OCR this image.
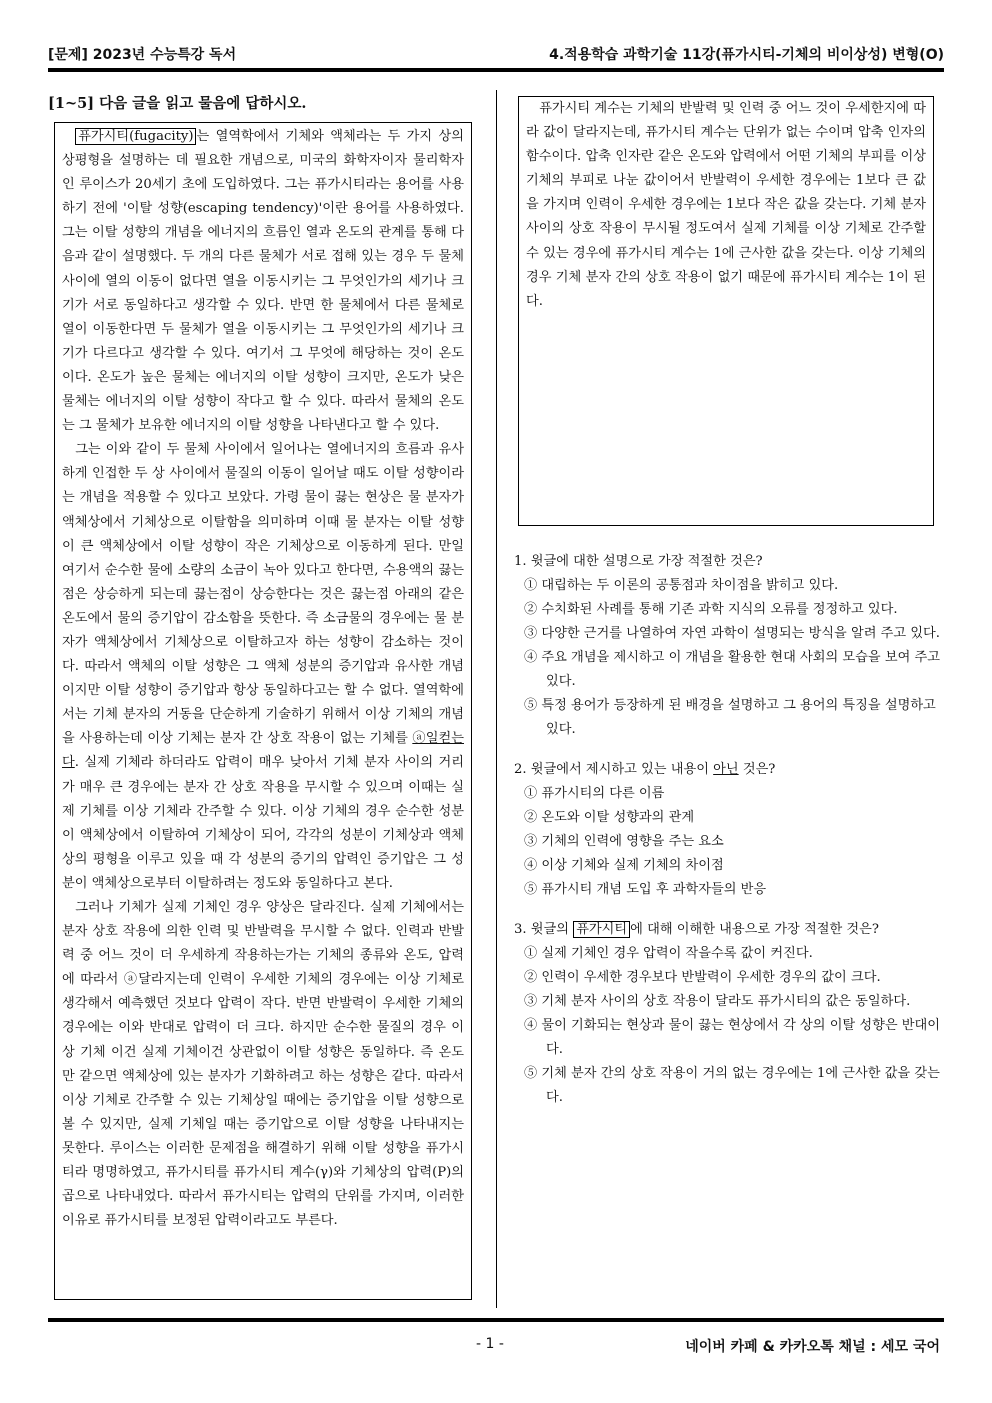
[문제] 2023년 수능특강 독서	4.적용학습 과학기술 11강(퓨가시티-기체의 비이상성) 변형(O)
[1~5] 다음 글을 읽고 물음에 답하시오.

퓨가시티(fugacity) 는 열역학에서 기체와 액체라는 두 가지 상의 상평형을 설명하는 데 필요한 개념으로, 미국의 화학자이자 물리학자인 루이스가 20세기 초에 도입하였다. 그는 퓨가시티라는 용어를 사용하기 전에 '이탈 성향(escaping tendency)'이란 용어를 사용하였다. 그는 이탈 성향의 개념을 에너지의 흐름인 열과 온도의 관계를 통해 다음과 같이 설명했다. 두 개의 다른 물체가 서로 접해 있는 경우 두 물체 사이에 열의 이동이 없다면 열을 이동시키는 그 무엇인가의 세기나 크기가 서로 동일하다고 생각할 수 있다. 반면 한 물체에서 다른 물체로 열이 이동한다면 두 물체가 열을 이동시키는 그 무엇인가의 세기나 크기가 다르다고 생각할 수 있다. 여기서 그 무엇에 해당하는 것이 온도이다. 온도가 높은 물체는 에너지의 이탈 성향이 크지만, 온도가 낮은 물체는 에너지의 이탈 성향이 작다고 할 수 있다. 따라서 물체의 온도는 그 물체가 보유한 에너지의 이탈 성향을 나타낸다고 할 수 있다.

그는 이와 같이 두 물체 사이에서 일어나는 열에너지의 흐름과 유사하게 인접한 두 상 사이에서 물질의 이동이 일어날 때도 이탈 성향이라는 개념을 적용할 수 있다고 보았다. 가령 물이 끓는 현상은 물 분자가 액체상에서 기체상으로 이탈함을 의미하며 이때 물 분자는 이탈 성향이 큰 액체상에서 이탈 성향이 작은 기체상으로 이동하게 된다. 만일 여기서 순수한 물에 소량의 소금이 녹아 있다고 한다면, 수용액의 끓는점은 상승하게 되는데 끓는점이 상승한다는 것은 끓는점 아래의 같은 온도에서 물의 증기압이 감소함을 뜻한다. 즉 소금물의 경우에는 물 분자가 액체상에서 기체상으로 이탈하고자 하는 성향이 감소하는 것이다. 따라서 액체의 이탈 성향은 그 액체 성분의 증기압과 유사한 개념이지만 이탈 성향이 증기압과 항상 동일하다고는 할 수 없다. 열역학에서는 기체 분자의 거동을 단순하게 기술하기 위해서 이상 기체의 개념을 사용하는데 이상 기체는 분자 간 상호 작용이 없는 기체를 ⓐ일컫는다. 실제 기체라 하더라도 압력이 매우 낮아서 기체 분자 사이의 거리가 매우 큰 경우에는 분자 간 상호 작용을 무시할 수 있으며 이때는 실제 기체를 이상 기체라 간주할 수 있다. 이상 기체의 경우 순수한 성분이 액체상에서 이탈하여 기체상이 되어, 각각의 성분이 기체상과 액체상의 평형을 이루고 있을 때 각 성분의 증기의 압력인 증기압은 그 성분이 액체상으로부터 이탈하려는 정도와 동일하다고 본다.

그러나 기체가 실제 기체인 경우 양상은 달라진다. 실제 기체에서는 분자 상호 작용에 의한 인력 및 반발력을 무시할 수 없다. 인력과 반발력 중 어느 것이 더 우세하게 작용하는가는 기체의 종류와 온도, 압력에 따라서 ⓐ달라지는데 인력이 우세한 기체의 경우에는 이상 기체로 생각해서 예측했던 것보다 압력이 작다. 반면 반발력이 우세한 기체의 경우에는 이와 반대로 압력이 더 크다. 하지만 순수한 물질의 경우 이상 기체 이건 실제 기체이건 상관없이 이탈 성향은 동일하다. 즉 온도만 같으면 액체상에 있는 분자가 기화하려고 하는 성향은 같다. 따라서 이상 기체로 간주할 수 있는 기체상일 때에는 증기압을 이탈 성향으로 볼 수 있지만, 실제 기체일 때는 증기압으로 이탈 성향을 나타내지는 못한다. 루이스는 이러한 문제점을 해결하기 위해 이탈 성향을 퓨가시티라 명명하였고, 퓨가시티를 퓨가시티 계수(γ)와 기체상의 압력(P)의 곱으로 나타내었다. 따라서 퓨가시티는 압력의 단위를 가지며, 이러한 이유로 퓨가시티를 보정된 압력이라고도 부른다.

퓨가시티 계수는 기체의 반발력 및 인력 중 어느 것이 우세한지에 따라 값이 달라지는데, 퓨가시티 계수는 단위가 없는 수이며 압축 인자의 함수이다. 압축 인자란 같은 온도와 압력에서 어떤 기체의 부피를 이상기체의 부피로 나눈 값이어서 반발력이 우세한 경우에는 1보다 큰 값을 가지며 인력이 우세한 경우에는 1보다 작은 값을 갖는다. 기체 분자 사이의 상호 작용이 무시될 정도여서 실제 기체를 이상 기체로 간주할 수 있는 경우에 퓨가시티 계수는 1에 근사한 값을 갖는다. 이상 기체의 경우 기체 분자 간의 상호 작용이 없기 때문에 퓨가시티 계수는 1이 된다.

1. 윗글에 대한 설명으로 가장 적절한 것은?
① 대립하는 두 이론의 공통점과 차이점을 밝히고 있다.
② 수치화된 사례를 통해 기존 과학 지식의 오류를 정정하고 있다.
③ 다양한 근거를 나열하여 자연 과학이 설명되는 방식을 알려 주고 있다.
④ 주요 개념을 제시하고 이 개념을 활용한 현대 사회의 모습을 보여 주고 있다.
⑤ 특정 용어가 등장하게 된 배경을 설명하고 그 용어의 특징을 설명하고 있다.
2. 윗글에서 제시하고 있는 내용이 아닌 것은?
① 퓨가시티의 다른 이름
② 온도와 이탈 성향과의 관계
③ 기체의 인력에 영향을 주는 요소
④ 이상 기체와 실제 기체의 차이점
⑤ 퓨가시티 개념 도입 후 과학자들의 반응
3. 윗글의 퓨가시티 에 대해 이해한 내용으로 가장 적절한 것은?
① 실제 기체인 경우 압력이 작을수록 값이 커진다.
② 인력이 우세한 경우보다 반발력이 우세한 경우의 값이 크다.
③ 기체 분자 사이의 상호 작용이 달라도 퓨가시티의 값은 동일하다.
④ 물이 기화되는 현상과 물이 끓는 현상에서 각 상의 이탈 성향은 반대이다.
⑤ 기체 분자 간의 상호 작용이 거의 없는 경우에는 1에 근사한 값을 갖는다.
- 1 -	네이버 카페 & 카카오톡 채널 : 세모 국어
